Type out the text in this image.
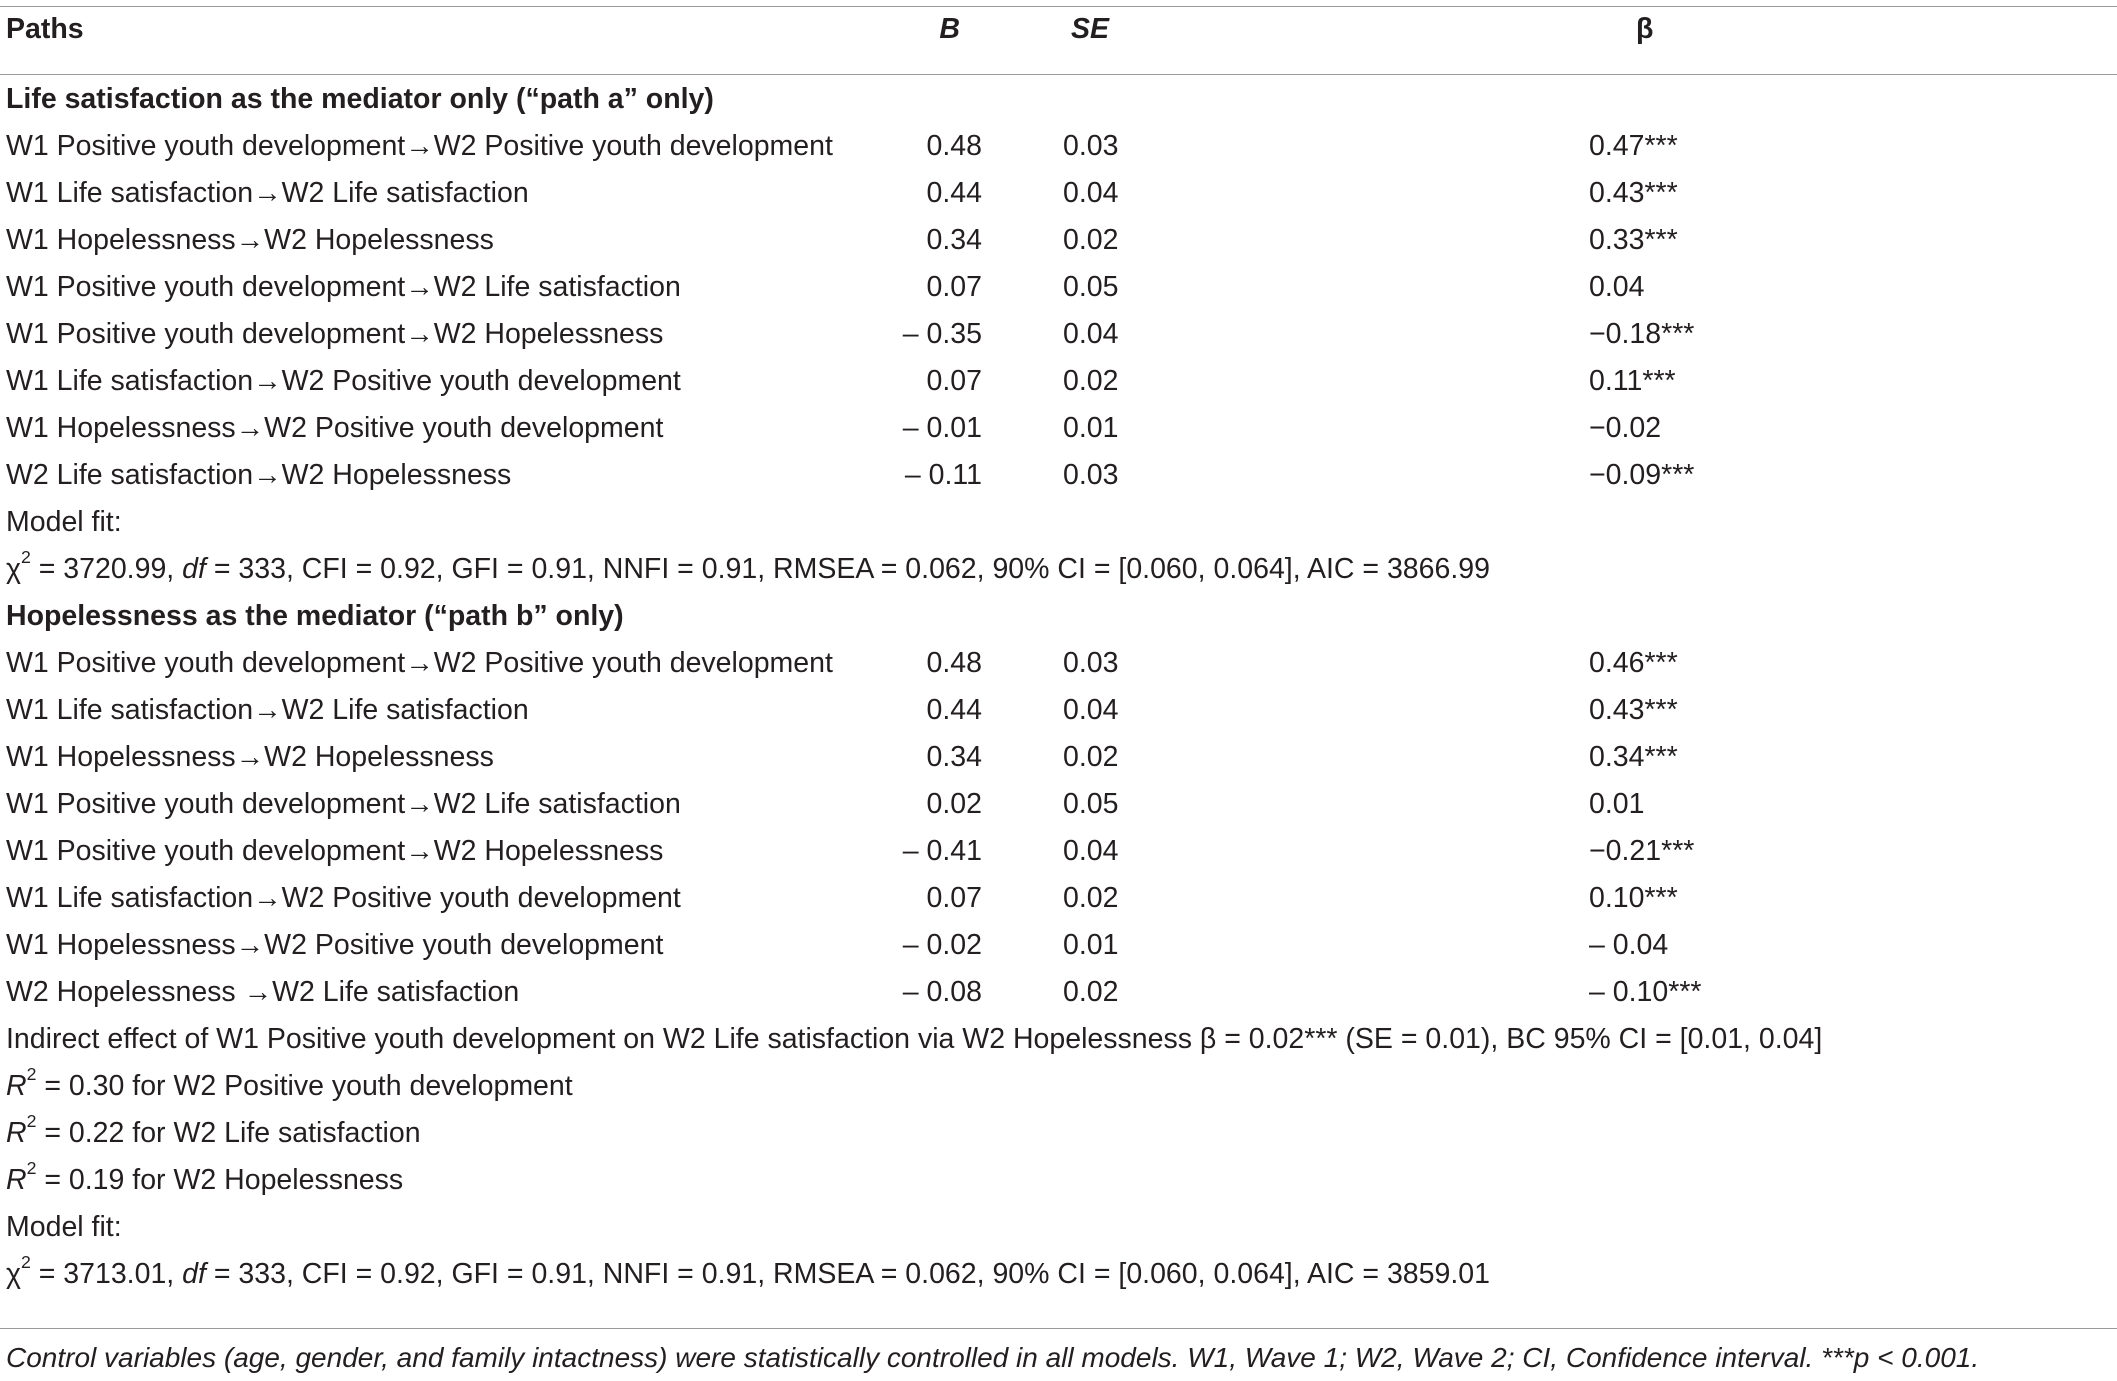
Paths	B	SE	β
Life satisfaction as the mediator only (“path a” only)
W1 Positive youth development→W2 Positive youth development	0.48	0.03	0.47***
W1 Life satisfaction→W2 Life satisfaction	0.44	0.04	0.43***
W1 Hopelessness→W2 Hopelessness	0.34	0.02	0.33***
W1 Positive youth development→W2 Life satisfaction	0.07	0.05	0.04
W1 Positive youth development→W2 Hopelessness	– 0.35	0.04	−0.18***
W1 Life satisfaction→W2 Positive youth development	0.07	0.02	0.11***
W1 Hopelessness→W2 Positive youth development	– 0.01	0.01	−0.02
W2 Life satisfaction→W2 Hopelessness	– 0.11	0.03	−0.09***
Model fit:
$\chi^2 = 3720.99$, df = 333, CFI = 0.92, GFI = 0.91, NNFI = 0.91, RMSEA = 0.062, 90% CI = [0.060, 0.064], AIC = 3866.99
Hopelessness as the mediator (“path b” only)
W1 Positive youth development→W2 Positive youth development	0.48	0.03	0.46***
W1 Life satisfaction→W2 Life satisfaction	0.44	0.04	0.43***
W1 Hopelessness→W2 Hopelessness	0.34	0.02	0.34***
W1 Positive youth development→W2 Life satisfaction	0.02	0.05	0.01
W1 Positive youth development→W2 Hopelessness	– 0.41	0.04	−0.21***
W1 Life satisfaction→W2 Positive youth development	0.07	0.02	0.10***
W1 Hopelessness→W2 Positive youth development	– 0.02	0.01	– 0.04
W2 Hopelessness →W2 Life satisfaction	– 0.08	0.02	– 0.10***
Indirect effect of W1 Positive youth development on W2 Life satisfaction via W2 Hopelessness β = 0.02*** (SE = 0.01), BC 95% CI = [0.01, 0.04]
$R^2 = 0.30$ for W2 Positive youth development
$R^2 = 0.22$ for W2 Life satisfaction
$R^2 = 0.19$ for W2 Hopelessness
Model fit:
$\chi^2 = 3713.01$, df = 333, CFI = 0.92, GFI = 0.91, NNFI = 0.91, RMSEA = 0.062, 90% CI = [0.060, 0.064], AIC = 3859.01
Control variables (age, gender, and family intactness) were statistically controlled in all models. W1, Wave 1; W2, Wave 2; CI, Confidence interval. ***p < 0.001.
